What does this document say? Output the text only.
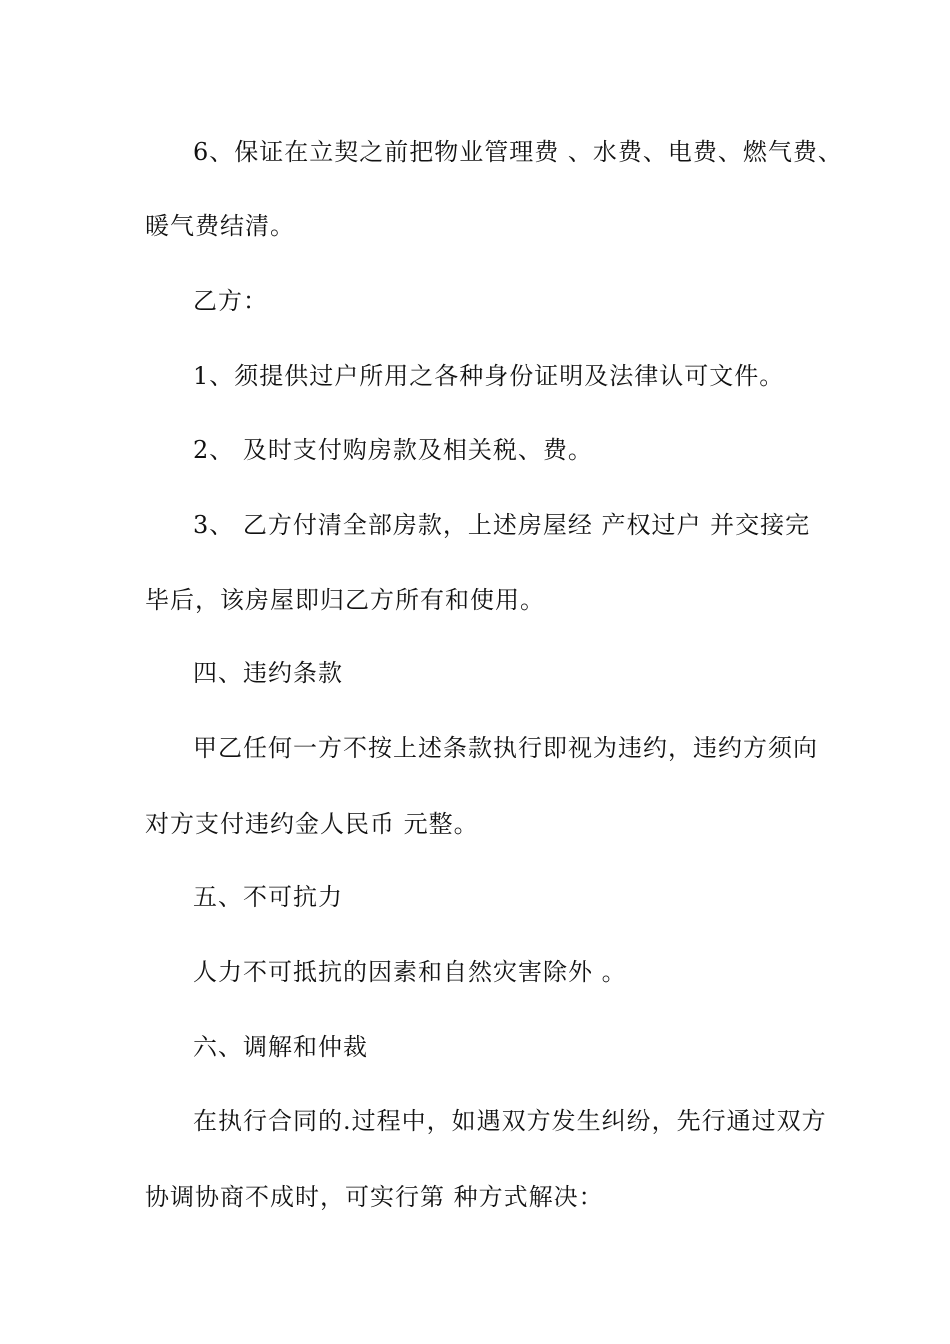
6、保证在立契之前把物业管理费 、水费、电费、燃气费、
暖气费结清。
乙方：
1、须提供过户所用之各种身份证明及法律认可文件。
2、 及时支付购房款及相关税、费。
3、 乙方付清全部房款，上述房屋经 产权过户 并交接完
毕后，该房屋即归乙方所有和使用。
四、违约条款
甲乙任何一方不按上述条款执行即视为违约，违约方须向
对方支付违约金人民币 元整。
五、不可抗力
人力不可抵抗的因素和自然灾害除外 。
六、调解和仲裁
在执行合同的.过程中，如遇双方发生纠纷，先行通过双方
协调协商不成时，可实行第 种方式解决：
